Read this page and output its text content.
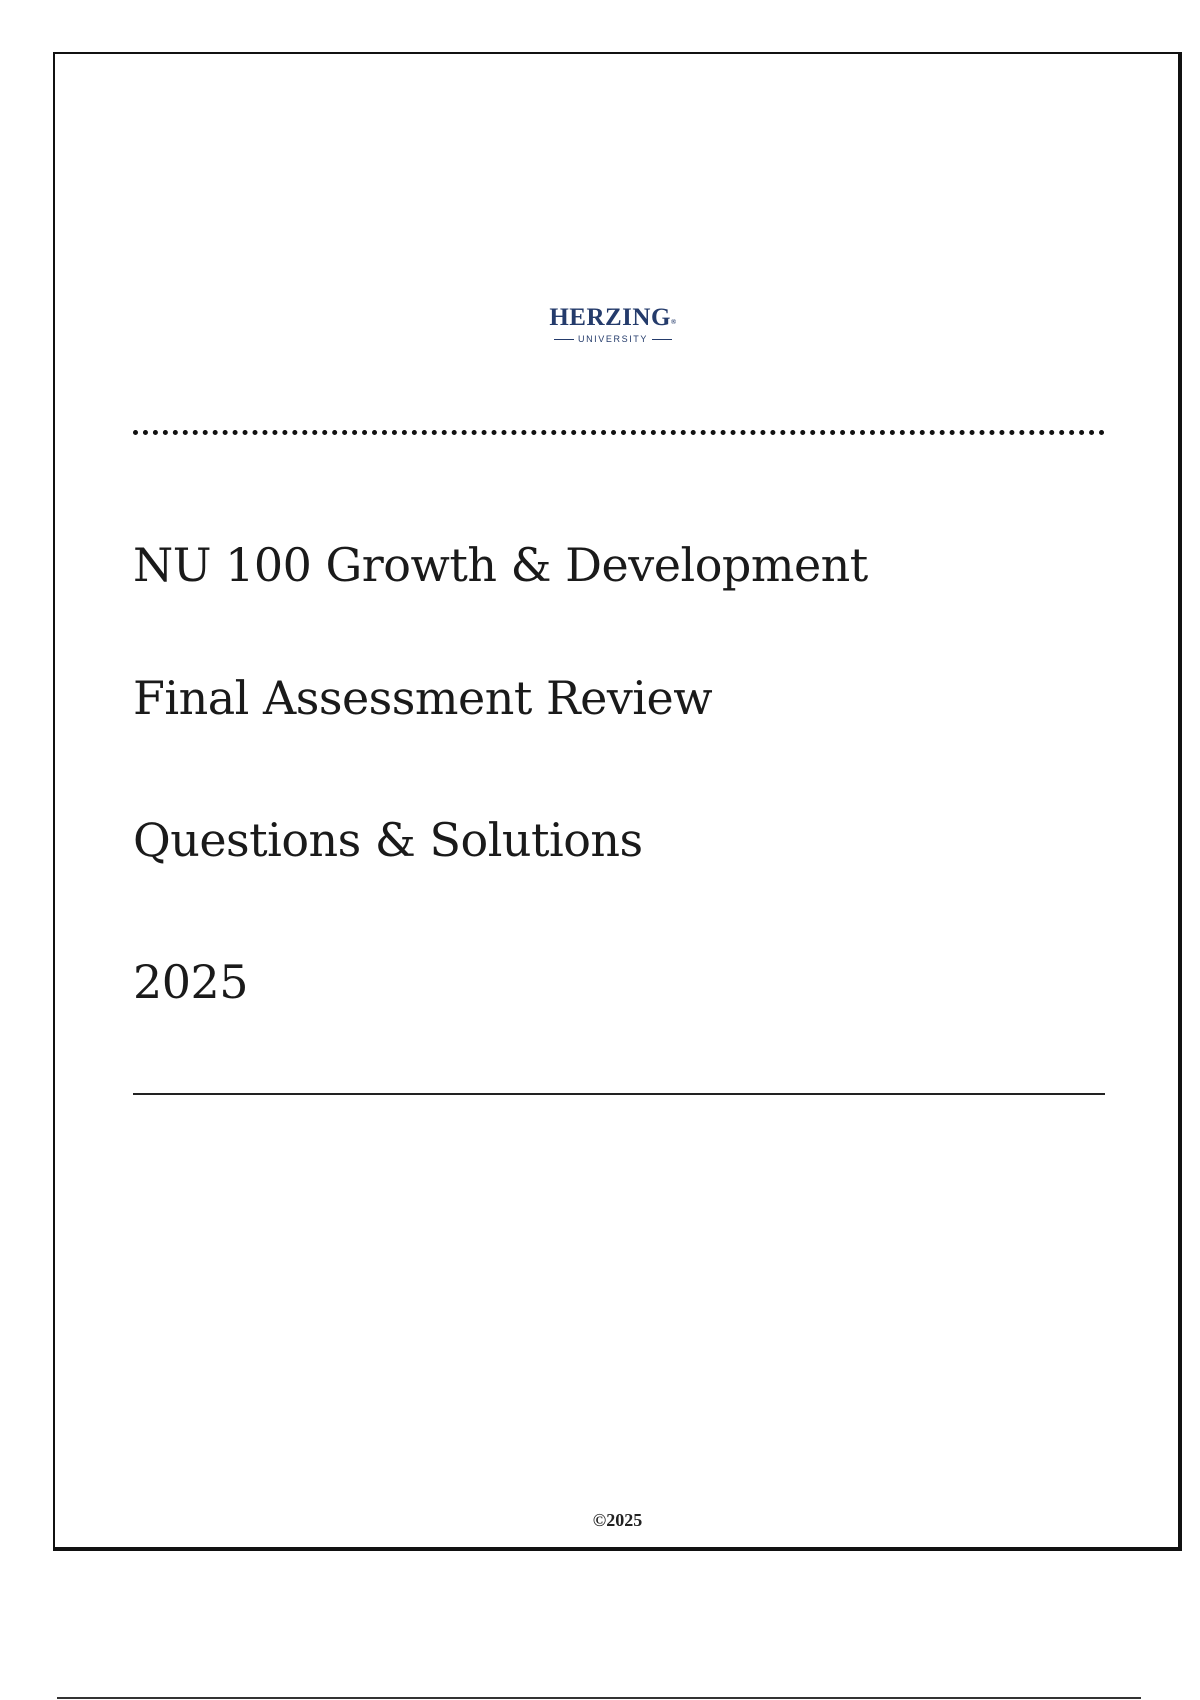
HERZING®
UNIVERSITY
NU 100 Growth & Development
Final Assessment Review
Questions & Solutions
2025
©2025
